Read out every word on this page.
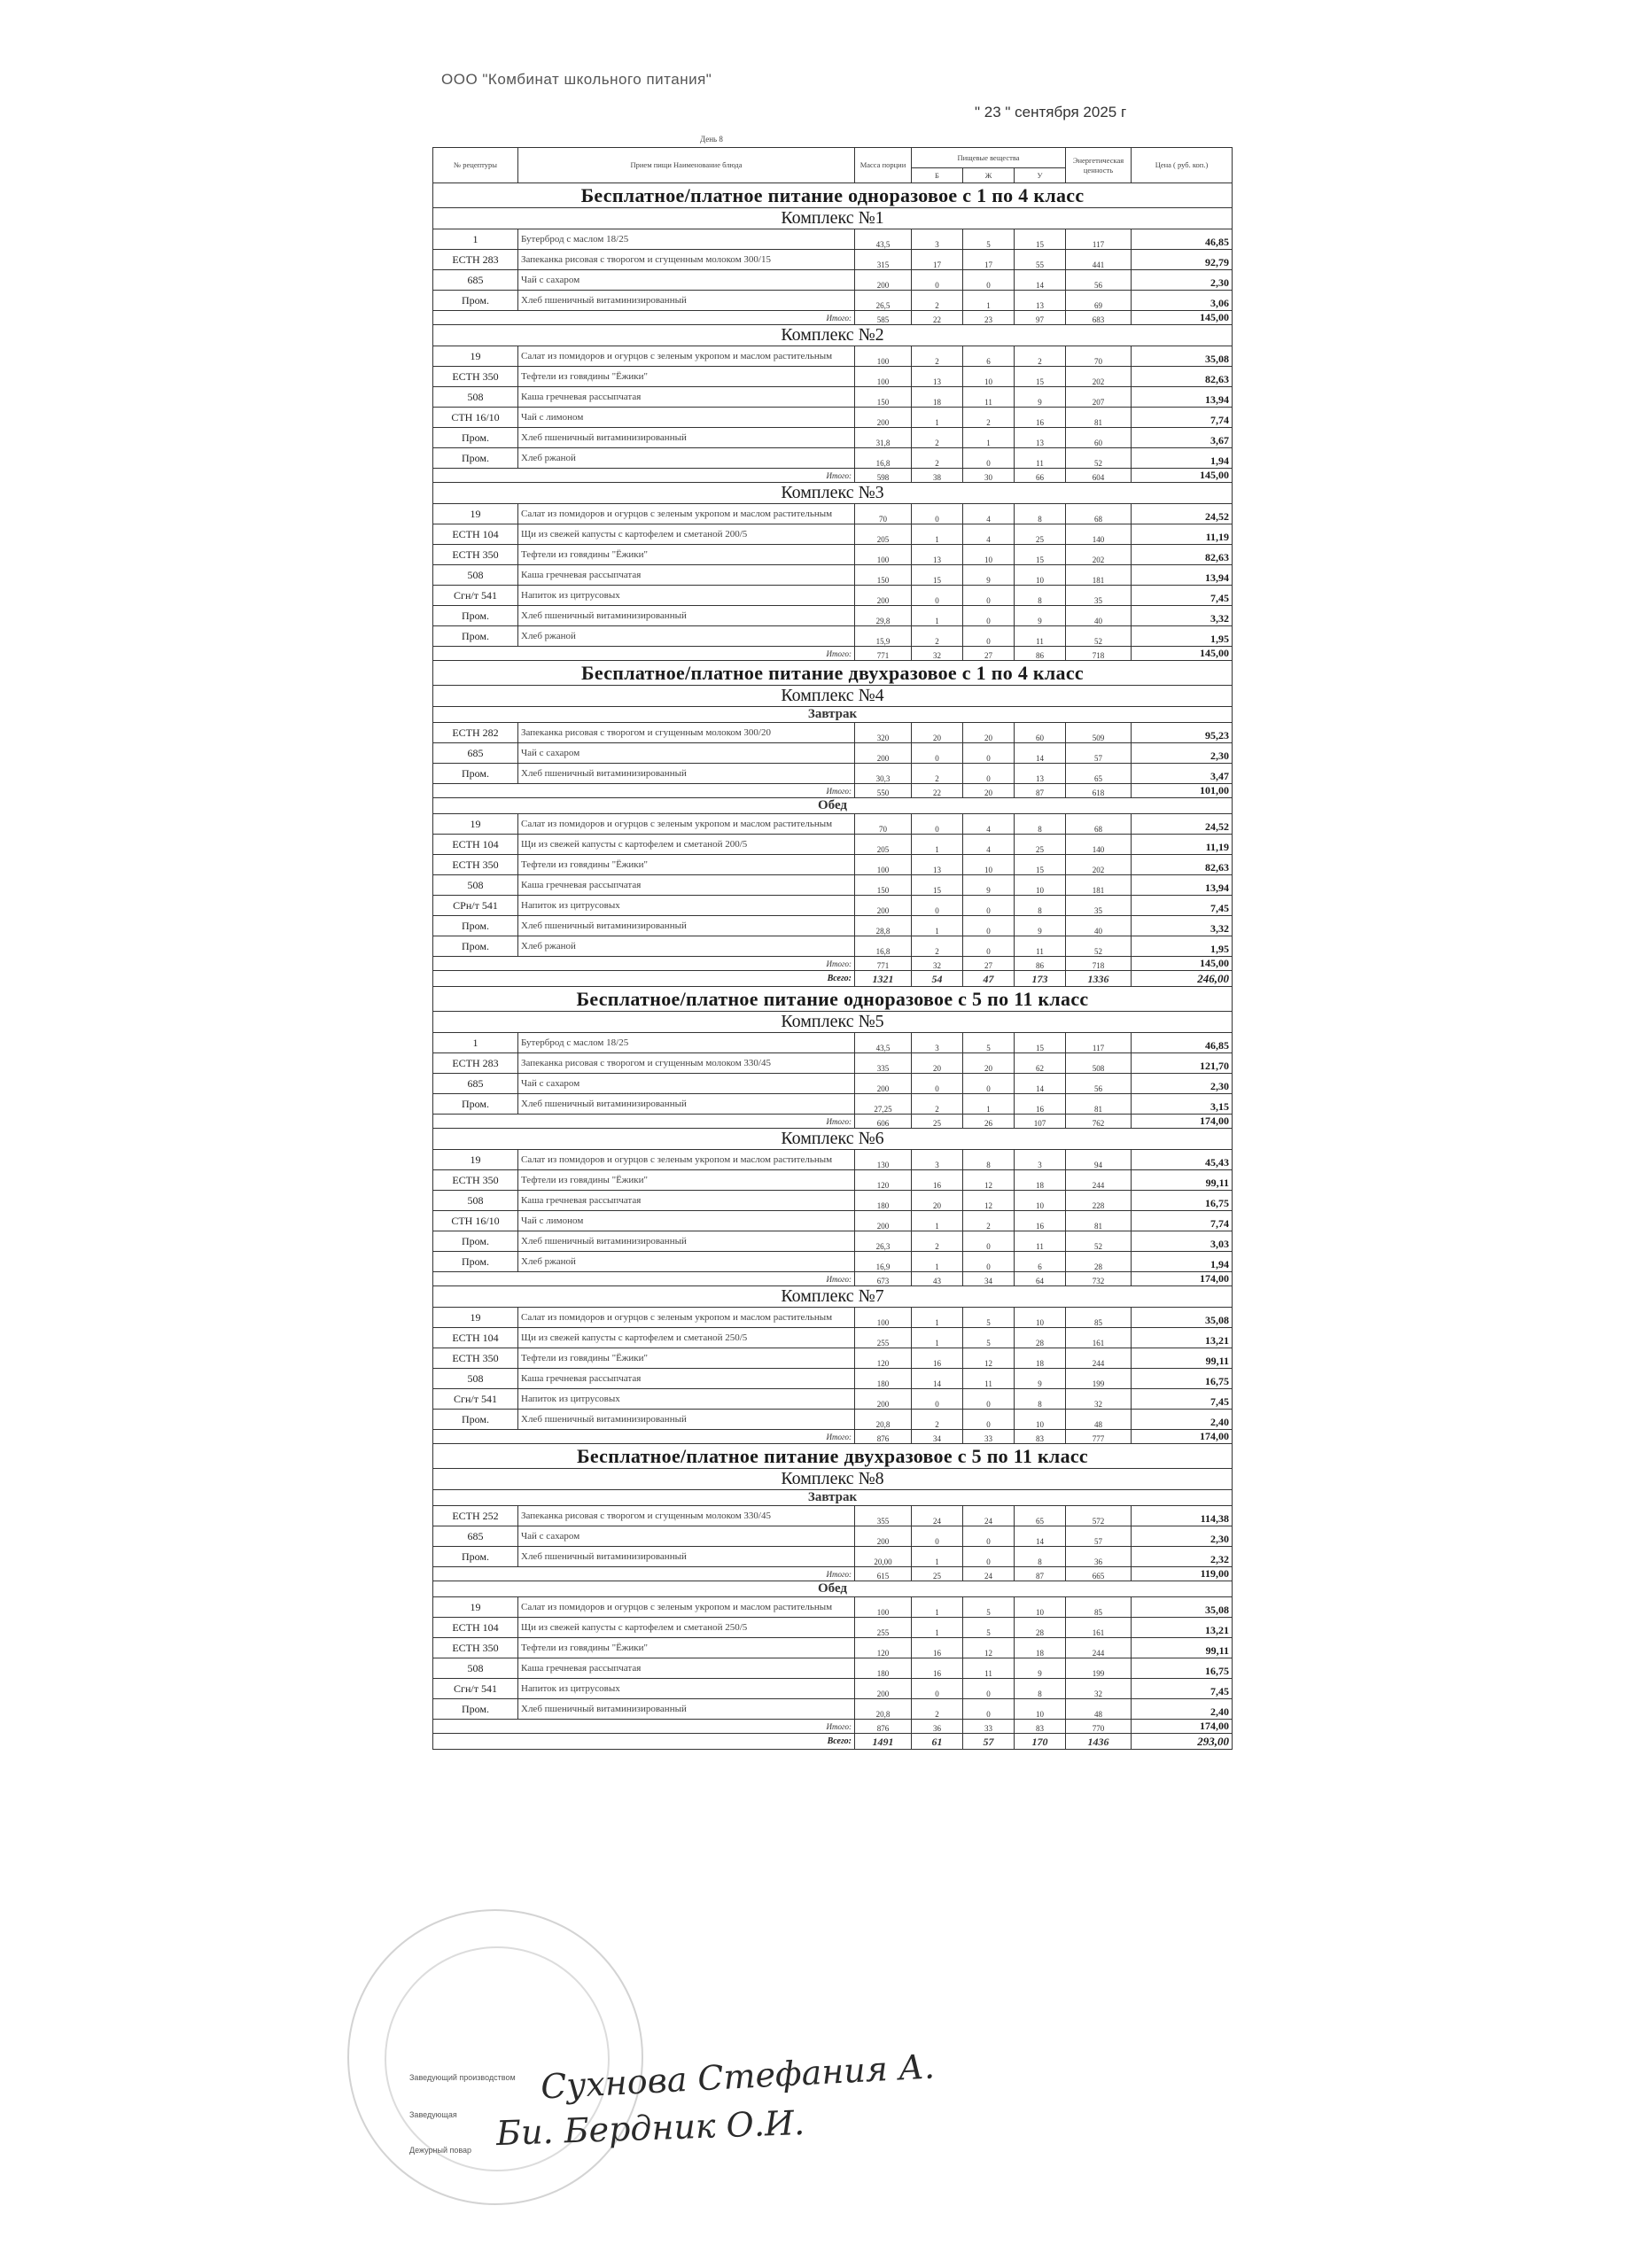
ООО "Комбинат школьного питания"
" 23 " сентября 2025 г
День 8
№ рецептуры	Прием пищи Наименование блюда	Масса порции	Пищевые вещества			Энергетическая ценность	Цена ( руб. коп.)
			Б	Ж	У		
Бесплатное/платное питание одноразовое с 1 по 4 класс							
Комплекс №1							
1	Бутерброд с маслом 18/25	43,5	3	5	15	117	46,85
ЕСТН 283	Запеканка рисовая с творогом и сгущенным молоком 300/15	315	17	17	55	441	92,79
685	Чай с сахаром	200	0	0	14	56	2,30
Пром.	Хлеб пшеничный витаминизированный	26,5	2	1	13	69	3,06
Итого:		585	22	23	97	683	145,00
Комплекс №2							
19	Салат из помидоров и огурцов с зеленым укропом и маслом растительным	100	2	6	2	70	35,08
ЕСТН 350	Тефтели из говядины "Ёжики"	100	13	10	15	202	82,63
508	Каша гречневая рассыпчатая	150	18	11	9	207	13,94
СТН 16/10	Чай с лимоном	200	1	2	16	81	7,74
Пром.	Хлеб пшеничный витаминизированный	31,8	2	1	13	60	3,67
Пром.	Хлеб ржаной	16,8	2	0	11	52	1,94
Итого:		598	38	30	66	604	145,00
Комплекс №3							
19	Салат из помидоров и огурцов с зеленым укропом и маслом растительным	70	0	4	8	68	24,52
ЕСТН 104	Щи из свежей капусты с картофелем и сметаной 200/5	205	1	4	25	140	11,19
ЕСТН 350	Тефтели из говядины "Ёжики"	100	13	10	15	202	82,63
508	Каша гречневая рассыпчатая	150	15	9	10	181	13,94
Сгн/т 541	Напиток из цитрусовых	200	0	0	8	35	7,45
Пром.	Хлеб пшеничный витаминизированный	29,8	1	0	9	40	3,32
Пром.	Хлеб ржаной	15,9	2	0	11	52	1,95
Итого:		771	32	27	86	718	145,00
Бесплатное/платное питание двухразовое с 1 по 4 класс							
Комплекс №4							
Завтрак							
ЕСТН 282	Запеканка рисовая с творогом и сгущенным молоком 300/20	320	20	20	60	509	95,23
685	Чай с сахаром	200	0	0	14	57	2,30
Пром.	Хлеб пшеничный витаминизированный	30,3	2	0	13	65	3,47
Итого:		550	22	20	87	618	101,00
Обед							
19	Салат из помидоров и огурцов с зеленым укропом и маслом растительным	70	0	4	8	68	24,52
ЕСТН 104	Щи из свежей капусты с картофелем и сметаной 200/5	205	1	4	25	140	11,19
ЕСТН 350	Тефтели из говядины "Ёжики"	100	13	10	15	202	82,63
508	Каша гречневая рассыпчатая	150	15	9	10	181	13,94
СРн/т 541	Напиток из цитрусовых	200	0	0	8	35	7,45
Пром.	Хлеб пшеничный витаминизированный	28,8	1	0	9	40	3,32
Пром.	Хлеб ржаной	16,8	2	0	11	52	1,95
Итого:		771	32	27	86	718	145,00
Всего:		1321	54	47	173	1336	246,00
Бесплатное/платное питание одноразовое с 5 по 11 класс							
Комплекс №5							
1	Бутерброд с маслом 18/25	43,5	3	5	15	117	46,85
ЕСТН 283	Запеканка рисовая с творогом и сгущенным молоком 330/45	335	20	20	62	508	121,70
685	Чай с сахаром	200	0	0	14	56	2,30
Пром.	Хлеб пшеничный витаминизированный	27,25	2	1	16	81	3,15
Итого:		606	25	26	107	762	174,00
Комплекс №6							
19	Салат из помидоров и огурцов с зеленым укропом и маслом растительным	130	3	8	3	94	45,43
ЕСТН 350	Тефтели из говядины "Ёжики"	120	16	12	18	244	99,11
508	Каша гречневая рассыпчатая	180	20	12	10	228	16,75
СТН 16/10	Чай с лимоном	200	1	2	16	81	7,74
Пром.	Хлеб пшеничный витаминизированный	26,3	2	0	11	52	3,03
Пром.	Хлеб ржаной	16,9	1	0	6	28	1,94
Итого:		673	43	34	64	732	174,00
Комплекс №7							
19	Салат из помидоров и огурцов с зеленым укропом и маслом растительным	100	1	5	10	85	35,08
ЕСТН 104	Щи из свежей капусты с картофелем и сметаной 250/5	255	1	5	28	161	13,21
ЕСТН 350	Тефтели из говядины "Ёжики"	120	16	12	18	244	99,11
508	Каша гречневая рассыпчатая	180	14	11	9	199	16,75
Сгн/т 541	Напиток из цитрусовых	200	0	0	8	32	7,45
Пром.	Хлеб пшеничный витаминизированный	20,8	2	0	10	48	2,40
Итого:		876	34	33	83	777	174,00
Бесплатное/платное питание двухразовое с 5 по 11 класс							
Комплекс №8							
Завтрак							
ЕСТН 252	Запеканка рисовая с творогом и сгущенным молоком 330/45	355	24	24	65	572	114,38
685	Чай с сахаром	200	0	0	14	57	2,30
Пром.	Хлеб пшеничный витаминизированный	20,00	1	0	8	36	2,32
Итого:		615	25	24	87	665	119,00
Обед							
19	Салат из помидоров и огурцов с зеленым укропом и маслом растительным	100	1	5	10	85	35,08
ЕСТН 104	Щи из свежей капусты с картофелем и сметаной 250/5	255	1	5	28	161	13,21
ЕСТН 350	Тефтели из говядины "Ёжики"	120	16	12	18	244	99,11
508	Каша гречневая рассыпчатая	180	16	11	9	199	16,75
Сгн/т 541	Напиток из цитрусовых	200	0	0	8	32	7,45
Пром.	Хлеб пшеничный витаминизированный	20,8	2	0	10	48	2,40
Итого:		876	36	33	83	770	174,00
Всего:		1491	61	57	170	1436	293,00
Заведующий производством
Заведующая
Дежурный повар
Сухнова Стефания А.
Би. Бердник О.И.
